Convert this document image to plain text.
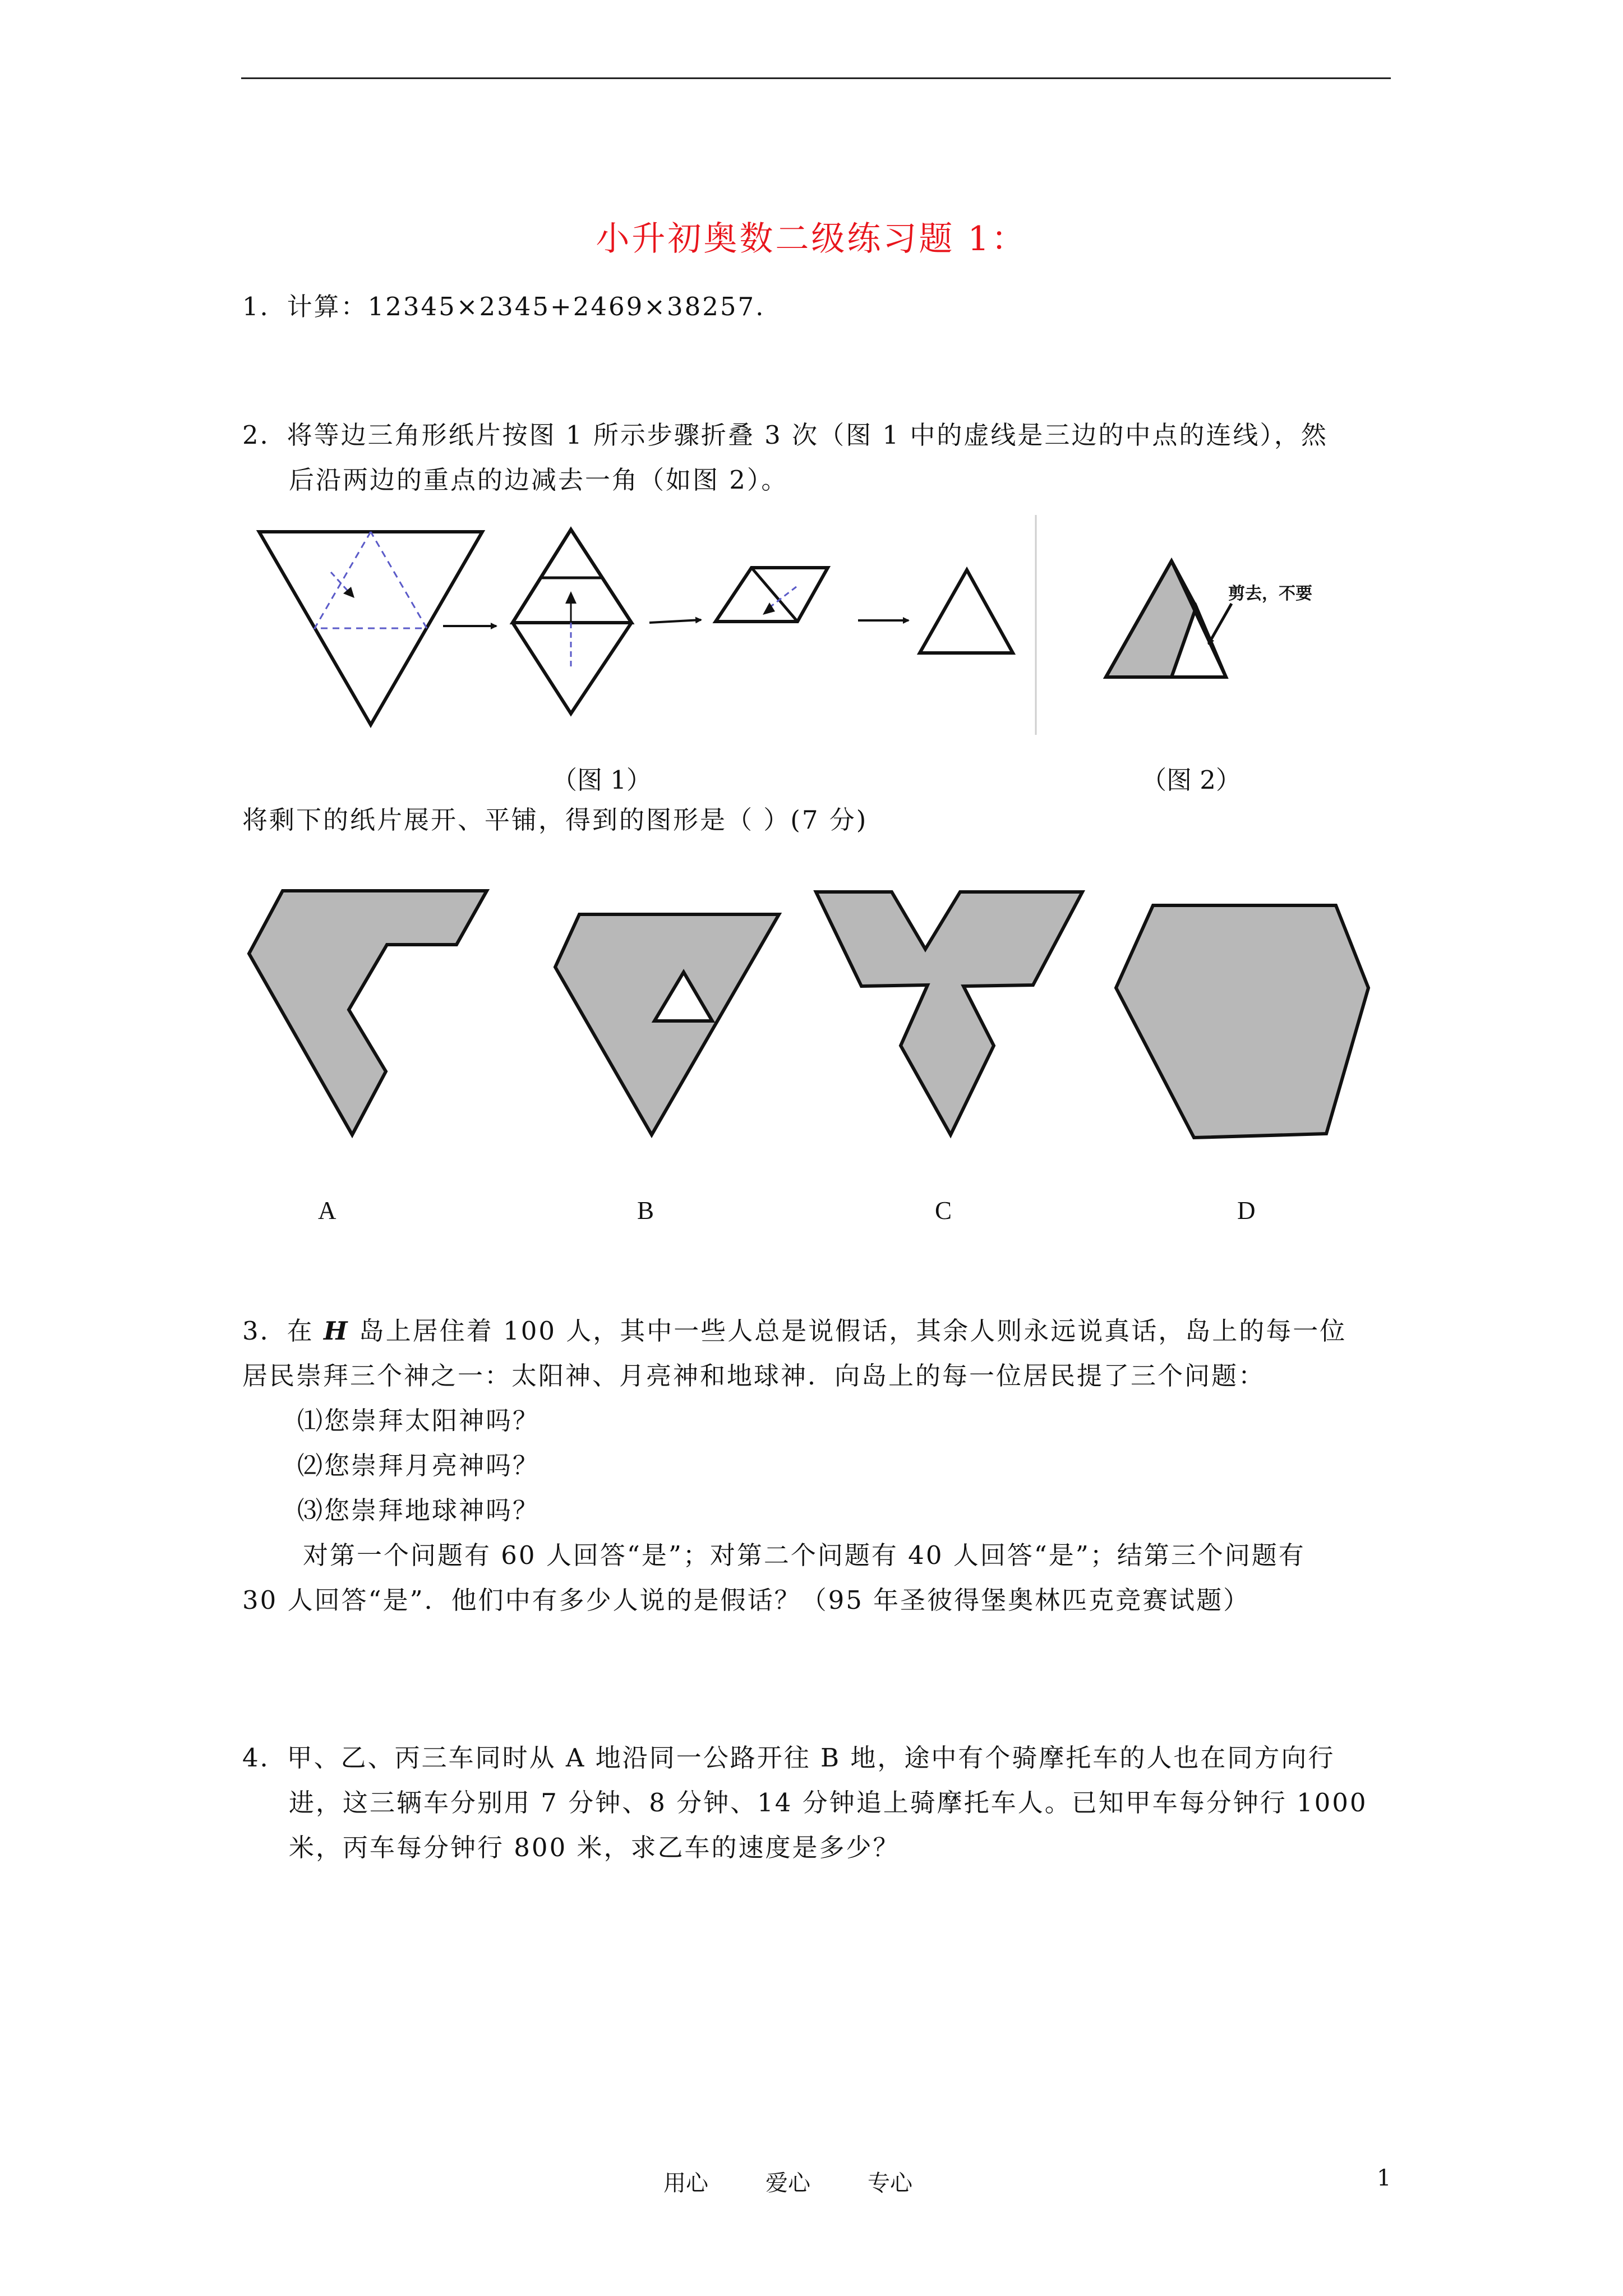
小升初奥数二级练习题 1：
1．计算：12345×2345+2469×38257.
2．将等边三角形纸片按图 1 所示步骤折叠 3 次（图 1 中的虚线是三边的中点的连线），然
后沿两边的重点的边减去一角（如图 2）。
剪去，不要
（图 1）	（图 2）
将剩下的纸片展开、平铺，得到的图形是（ ）(7 分)
A	B	C	D
3．在 H 岛上居住着 100 人，其中一些人总是说假话，其余人则永远说真话，岛上的每一位
居民崇拜三个神之一：太阳神、月亮神和地球神．向岛上的每一位居民提了三个问题：
⑴您崇拜太阳神吗？
⑵您崇拜月亮神吗？
⑶您崇拜地球神吗？
对第一个问题有 60 人回答“是”；对第二个问题有 40 人回答“是”；结第三个问题有
30 人回答“是”．他们中有多少人说的是假话？（95 年圣彼得堡奥林匹克竞赛试题）
4．甲、乙、丙三车同时从 A 地沿同一公路开往 B 地，途中有个骑摩托车的人也在同方向行
进，这三辆车分别用 7 分钟、8 分钟、14 分钟追上骑摩托车人。已知甲车每分钟行 1000
米，丙车每分钟行 800 米，求乙车的速度是多少？
用心	爱心	专心	1
